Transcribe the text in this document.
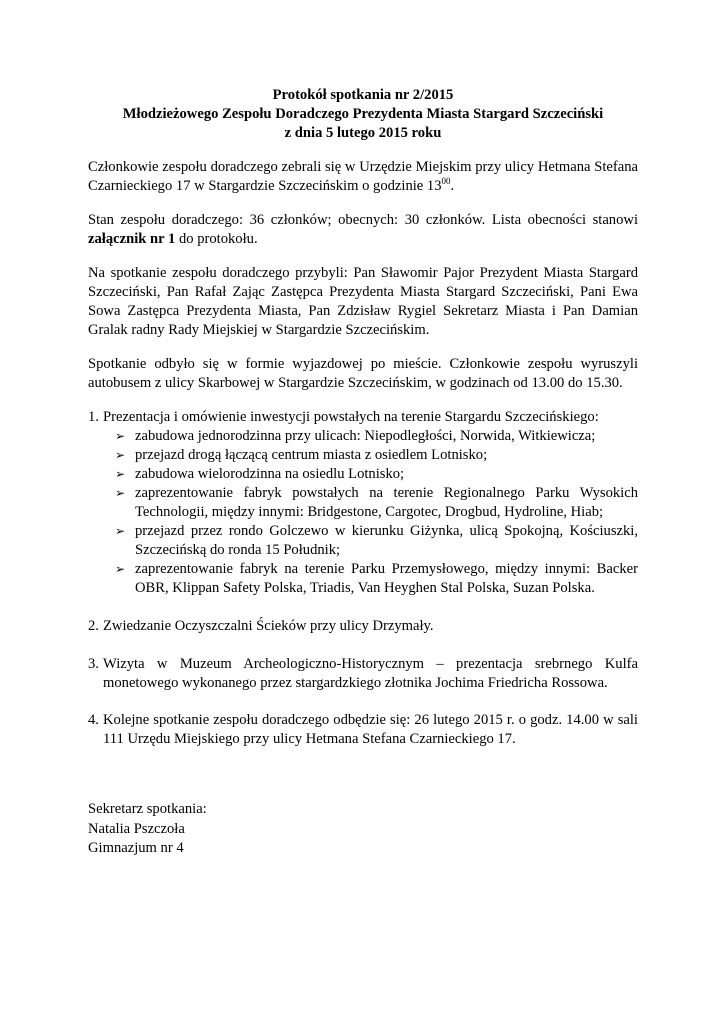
Protokół spotkania nr 2/2015
Młodzieżowego Zespołu Doradczego Prezydenta Miasta Stargard Szczeciński
z dnia 5 lutego 2015 roku

Członkowie zespołu doradczego zebrali się w Urzędzie Miejskim przy ulicy Hetmana Stefana Czarnieckiego 17 w Stargardzie Szczecińskim o godzinie $13^{00}$.

Stan zespołu doradczego: 36 członków; obecnych: 30 członków. Lista obecności stanowi załącznik nr 1 do protokołu.

Na spotkanie zespołu doradczego przybyli: Pan Sławomir Pajor Prezydent Miasta Stargard Szczeciński, Pan Rafał Zając Zastępca Prezydenta Miasta Stargard Szczeciński, Pani Ewa Sowa Zastępca Prezydenta Miasta, Pan Zdzisław Rygiel Sekretarz Miasta i Pan Damian Gralak radny Rady Miejskiej w Stargardzie Szczecińskim.

Spotkanie odbyło się w formie wyjazdowej po mieście. Członkowie zespołu wyruszyli autobusem z ulicy Skarbowej w Stargardzie Szczecińskim, w godzinach od 13.00 do 15.30.

1. Prezentacja i omówienie inwestycji powstałych na terenie Stargardu Szczecińskiego:
➢ zabudowa jednorodzinna przy ulicach: Niepodległości, Norwida, Witkiewicza;
➢ przejazd drogą łączącą centrum miasta z osiedlem Lotnisko;
➢ zabudowa wielorodzinna na osiedlu Lotnisko;
➢ zaprezentowanie fabryk powstałych na terenie Regionalnego Parku Wysokich Technologii, między innymi: Bridgestone, Cargotec, Drogbud, Hydroline, Hiab;
➢ przejazd przez rondo Golczewo w kierunku Giżynka, ulicą Spokojną, Kościuszki, Szczecińską do ronda 15 Południk;
➢ zaprezentowanie fabryk na terenie Parku Przemysłowego, między innymi: Backer OBR, Klippan Safety Polska, Triadis, Van Heyghen Stal Polska, Suzan Polska.
2. Zwiedzanie Oczyszczalni Ścieków przy ulicy Drzymały.
3. Wizyta w Muzeum Archeologiczno-Historycznym – prezentacja srebrnego Kulfa monetowego wykonanego przez stargardzkiego złotnika Jochima Friedricha Rossowa.
4. Kolejne spotkanie zespołu doradczego odbędzie się: 26 lutego 2015 r. o godz. 14.00 w sali 111 Urzędu Miejskiego przy ulicy Hetmana Stefana Czarnieckiego 17.
Sekretarz spotkania:
Natalia Pszczoła
Gimnazjum nr 4
